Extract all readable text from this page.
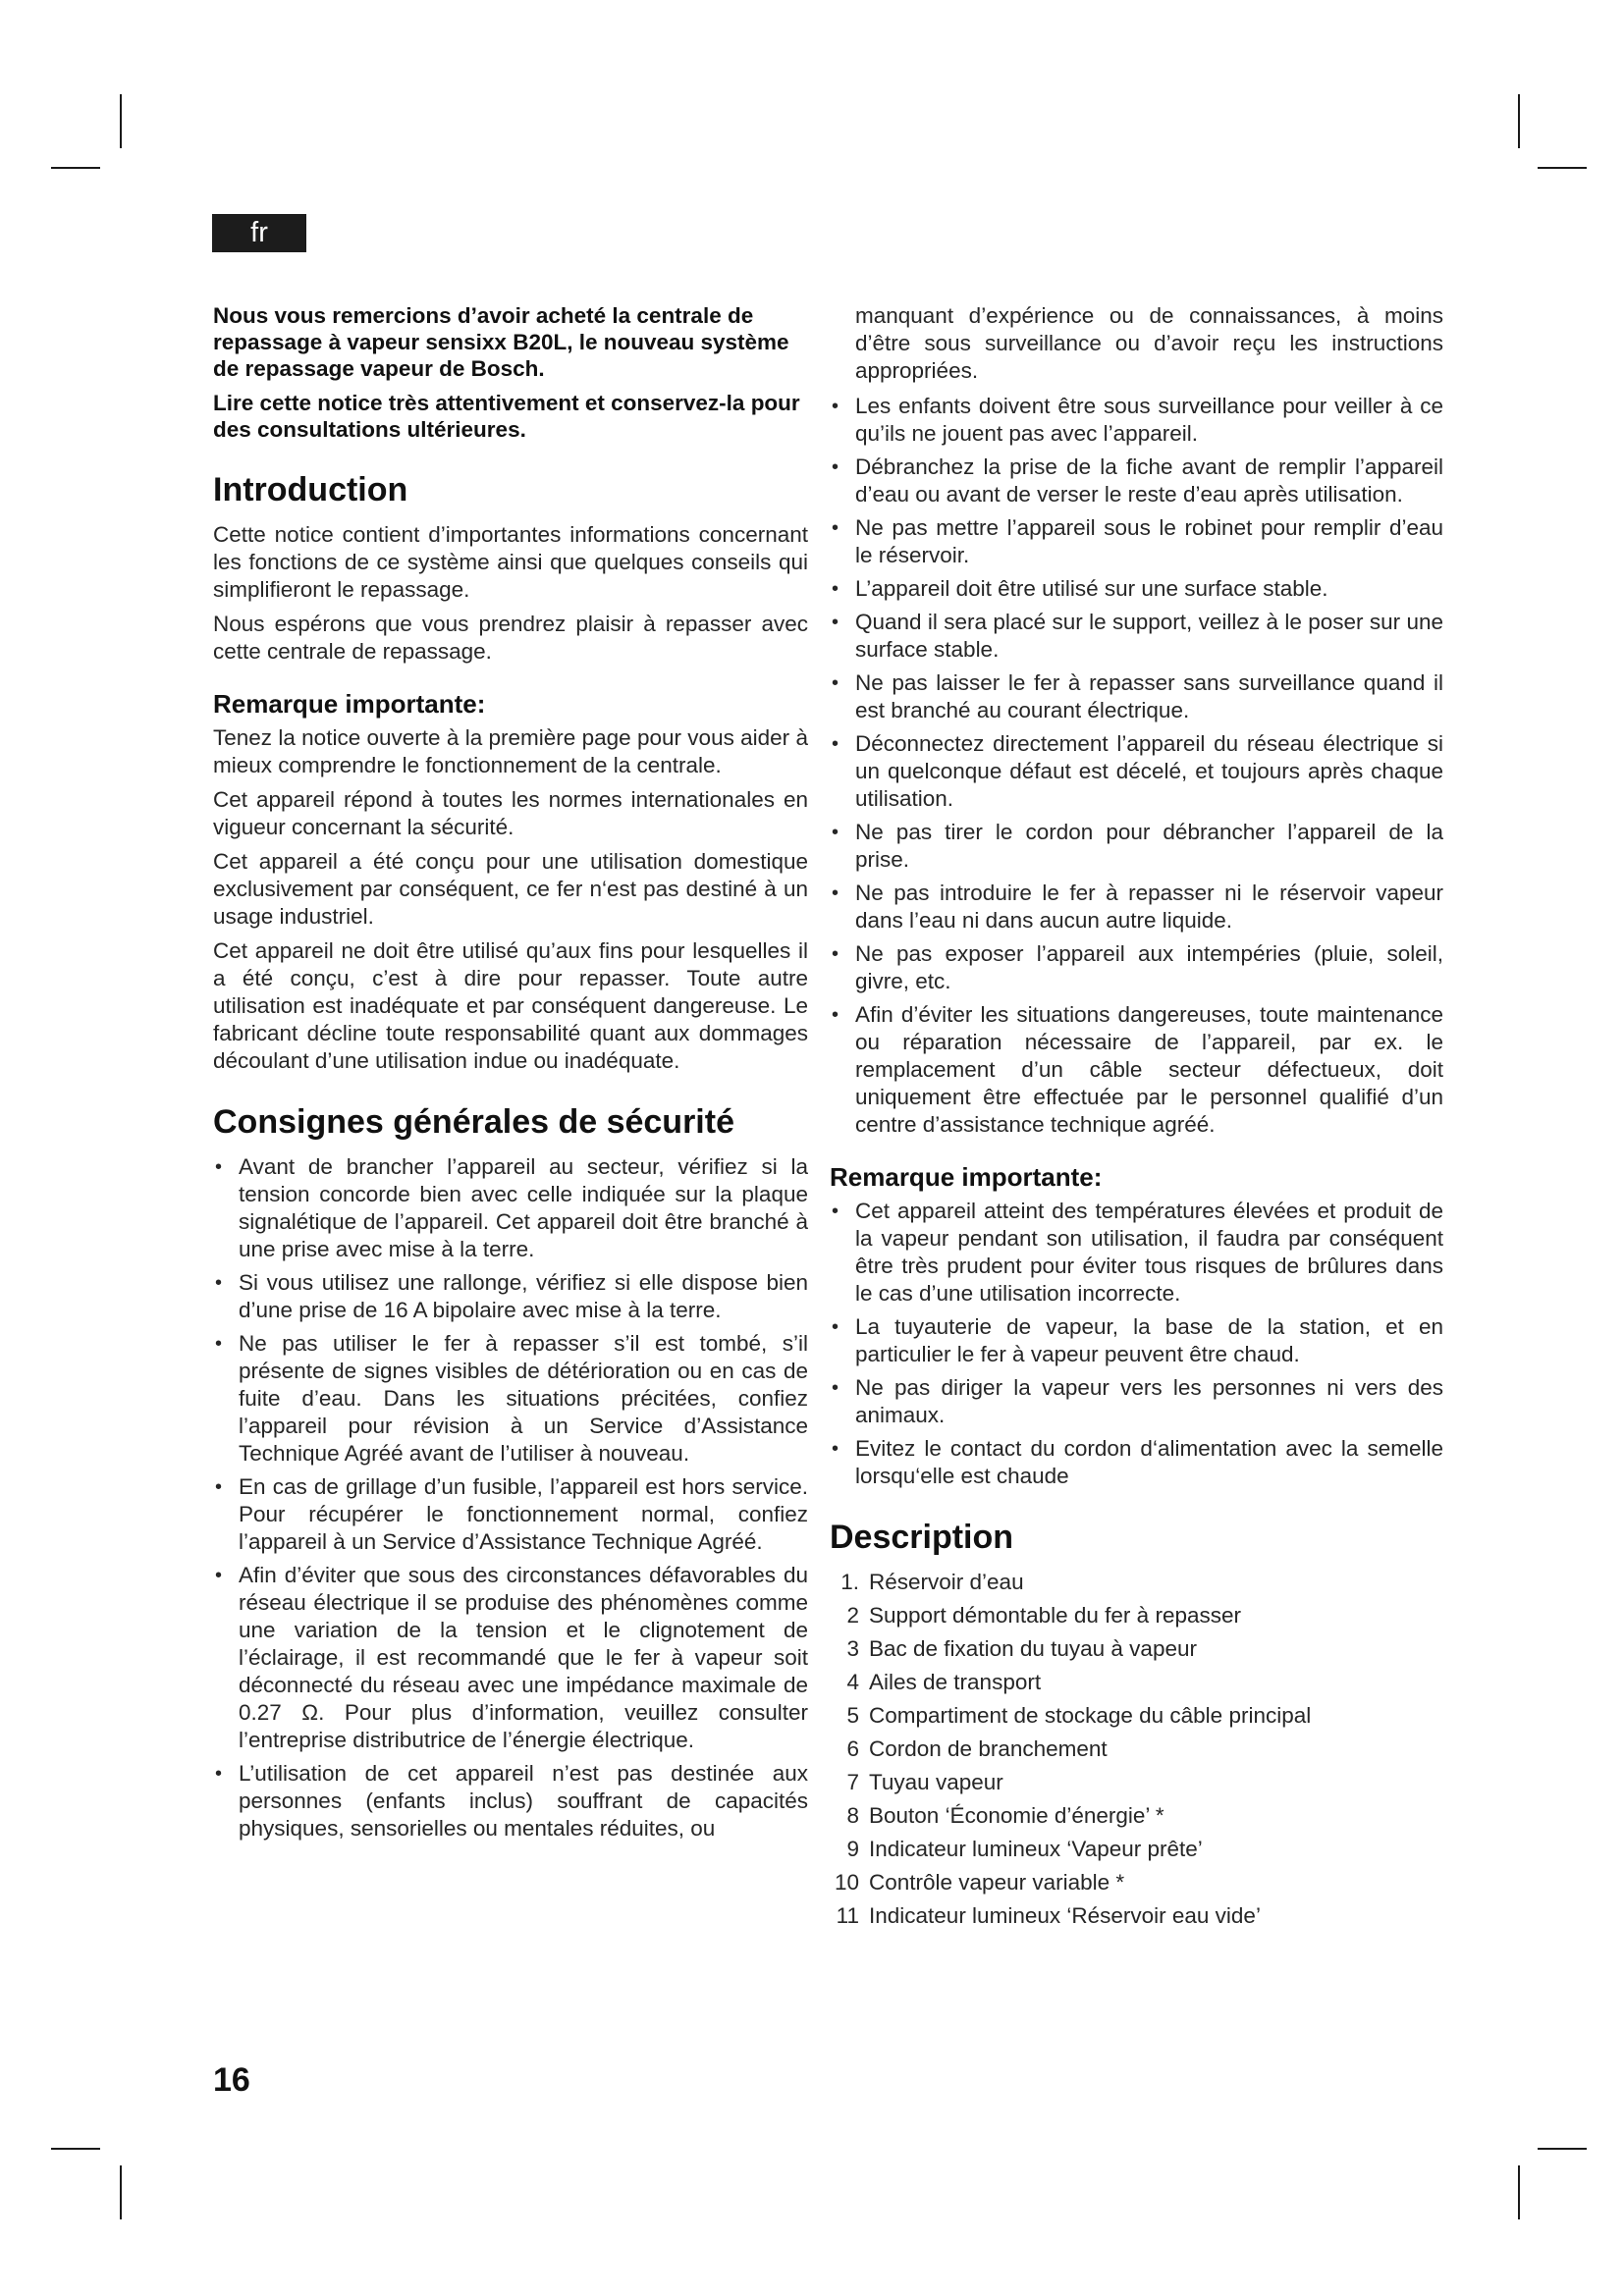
fr

Nous vous remercions d’avoir acheté la centrale de repassage à vapeur sensixx B20L, le nouveau système de repassage vapeur de Bosch.

Lire cette notice très attentivement et conservez-la pour des consultations ultérieures.

Introduction

Cette notice contient d’importantes informations concernant les fonctions de ce système ainsi que quelques conseils qui simplifieront le repassage.

Nous espérons que vous prendrez plaisir à repasser avec cette centrale de repassage.

Remarque importante:

Tenez la notice ouverte à la première page pour vous aider à mieux comprendre le fonctionnement de la centrale.

Cet appareil répond à toutes les normes internationales en vigueur concernant la sécurité.

Cet appareil a été conçu pour une utilisation domestique exclusivement par conséquent, ce fer n‘est pas destiné à un usage industriel.

Cet appareil ne doit être utilisé qu’aux fins pour lesquelles il a été conçu, c’est à dire pour repasser. Toute autre utilisation est inadéquate et par conséquent dangereuse. Le fabricant décline toute responsabilité quant aux dommages découlant d’une utilisation indue ou inadéquate.

Consignes générales de sécurité
• Avant de brancher l’appareil au secteur, vérifiez si la tension concorde bien avec celle indiquée sur la plaque signalétique de l’appareil. Cet appareil doit être branché à une prise avec mise à la terre.
• Si vous utilisez une rallonge, vérifiez si elle dispose bien d’une prise de 16 A bipolaire avec mise à la terre.
• Ne pas utiliser le fer à repasser s’il est tombé, s’il présente de signes visibles de détérioration ou en cas de fuite d’eau. Dans les situations précitées, confiez l’appareil pour révision à un Service d’Assistance Technique Agréé avant de l’utiliser à nouveau.
• En cas de grillage d’un fusible, l’appareil est hors service. Pour récupérer le fonctionnement normal, confiez l’appareil à un Service d’Assistance Technique Agréé.
• Afin d’éviter que sous des circonstances défavorables du réseau électrique il se produise des phénomènes comme une variation de la tension et le clignotement de l’éclairage, il est recommandé que le fer à vapeur soit déconnecté du réseau avec une impédance maximale de 0.27 Ω. Pour plus d’information, veuillez consulter l’entreprise distributrice de l’énergie électrique.
• L’utilisation de cet appareil n’est pas destinée aux personnes (enfants inclus) souffrant de capacités physiques, sensorielles ou mentales réduites, ou
manquant d’expérience ou de connaissances, à moins d’être sous surveillance ou d’avoir reçu les instructions appropriées.
• Les enfants doivent être sous surveillance pour veiller à ce qu’ils ne jouent pas avec l’appareil.
• Débranchez la prise de la fiche avant de remplir l’appareil d’eau ou avant de verser le reste d’eau après utilisation.
• Ne pas mettre l’appareil sous le robinet pour remplir d’eau le réservoir.
• L’appareil doit être utilisé sur une surface stable.
• Quand il sera placé sur le support, veillez à le poser sur une surface stable.
• Ne pas laisser le fer à repasser sans surveillance quand il est branché au courant électrique.
• Déconnectez directement l’appareil du réseau électrique si un quelconque défaut est décelé, et toujours après chaque utilisation.
• Ne pas tirer le cordon pour débrancher l’appareil de la prise.
• Ne pas introduire le fer à repasser ni le réservoir vapeur dans l’eau ni dans aucun autre liquide.
• Ne pas exposer l’appareil aux intempéries (pluie, soleil, givre, etc.
• Afin d’éviter les situations dangereuses, toute maintenance ou réparation nécessaire de l’appareil, par ex. le remplacement d’un câble secteur défectueux, doit uniquement être effectuée par le personnel qualifié d’un centre d’assistance technique agréé.
Remarque importante:
• Cet appareil atteint des températures élevées et produit de la vapeur pendant son utilisation, il faudra par conséquent être très prudent pour éviter tous risques de brûlures dans le cas d’une utilisation incorrecte.
• La tuyauterie de vapeur, la base de la station, et en particulier le fer à vapeur peuvent être chaud.
• Ne pas diriger la vapeur vers les personnes ni vers des animaux.
• Evitez le contact du cordon d‘alimentation avec la semelle lorsqu‘elle est chaude
Description
1. Réservoir d’eau
2 Support démontable du fer à repasser
3 Bac de fixation du tuyau à vapeur
4 Ailes de transport
5 Compartiment de stockage du câble principal
6 Cordon de branchement
7 Tuyau vapeur
8 Bouton ‘Économie d’énergie’ *
9 Indicateur lumineux ‘Vapeur prête’
10 Contrôle vapeur variable *
11 Indicateur lumineux ‘Réservoir eau vide’
16
